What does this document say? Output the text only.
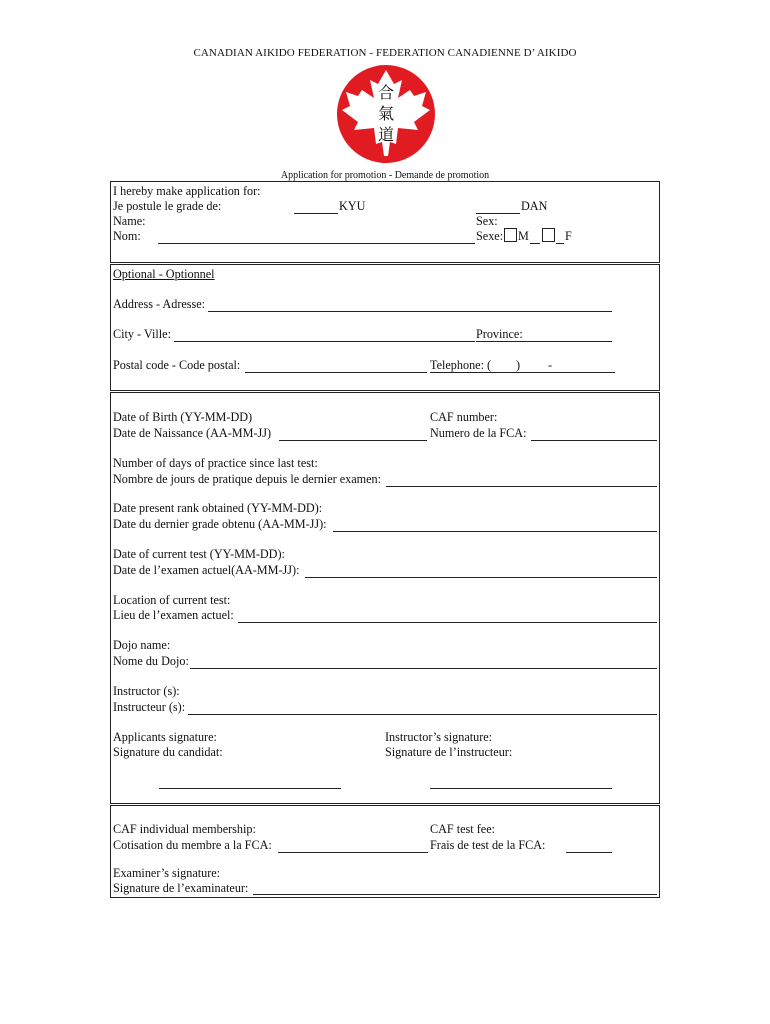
CANADIAN AIKIDO FEDERATION - FEDERATION CANADIENNE D’ AIKIDO
合
氣
道
Application for promotion - Demande de promotion
I hereby make application for:
Je postule le grade de:	KYU	DAN
Name:	Sex:
Nom:	Sexe: M	F
Optional - Optionnel
Address - Adresse:
City - Ville:	Province:
Postal code - Code postal:	Telephone: ( ) -
Date of Birth (YY-MM-DD)	CAF number:
Date de Naissance (AA-MM-JJ)	Numero de la FCA:
Number of days of practice since last test:
Nombre de jours de pratique depuis le dernier examen:
Date present rank obtained (YY-MM-DD):
Date du dernier grade obtenu (AA-MM-JJ):
Date of current test (YY-MM-DD):
Date de l’examen actuel(AA-MM-JJ):
Location of current test:
Lieu de l’examen actuel:
Dojo name:
Nome du Dojo:
Instructor (s):
Instructeur (s):
Applicants signature:	Instructor’s signature:
Signature du candidat:	Signature de l’instructeur:
CAF individual membership:	CAF test fee:
Cotisation du membre a la FCA:	Frais de test de la FCA:
Examiner’s signature:
Signature de l’examinateur:
